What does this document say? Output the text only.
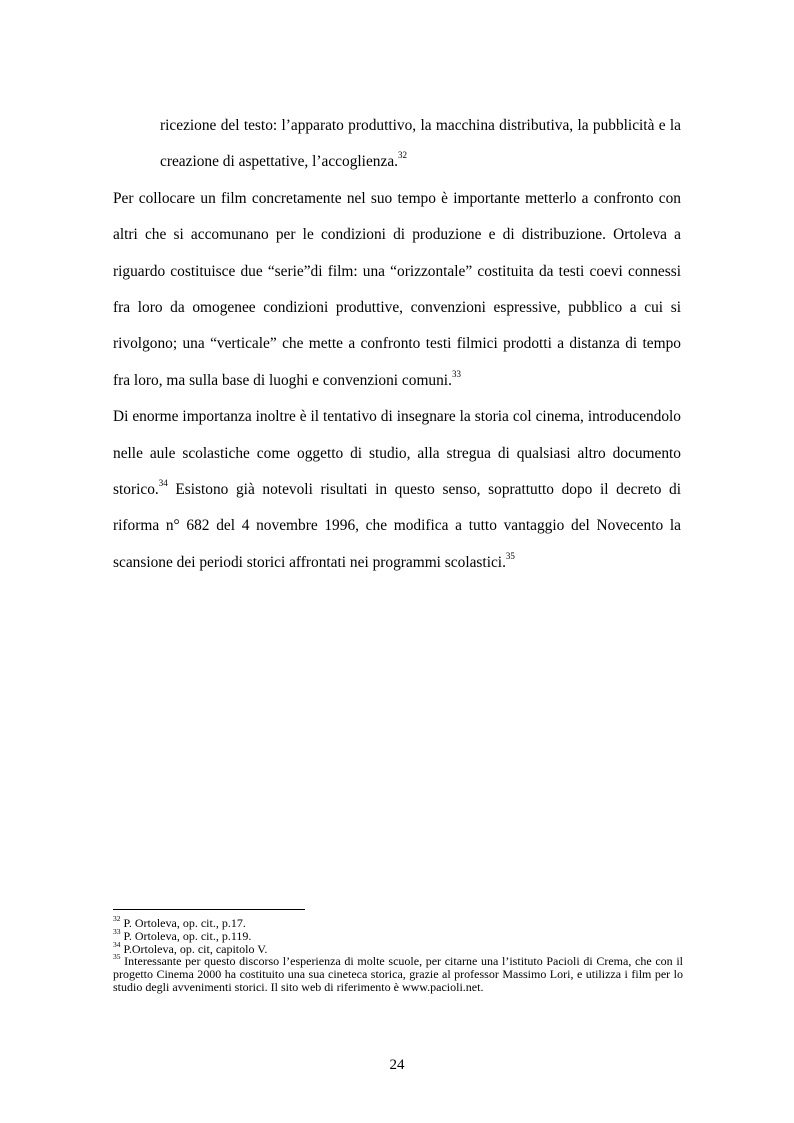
ricezione del testo: l’apparato produttivo, la macchina distributiva, la pubblicità e la creazione di aspettative, l’accoglienza.$^{32}$

Per collocare un film concretamente nel suo tempo è importante metterlo a confronto con altri che si accomunano per le condizioni di produzione e di distribuzione. Ortoleva a riguardo costituisce due “serie”di film: una “orizzontale” costituita da testi coevi connessi fra loro da omogenee condizioni produttive, convenzioni espressive, pubblico a cui si rivolgono; una “verticale” che mette a confronto testi filmici prodotti a distanza di tempo fra loro, ma sulla base di luoghi e convenzioni comuni.$^{33}$

Di enorme importanza inoltre è il tentativo di insegnare la storia col cinema, introducendolo nelle aule scolastiche come oggetto di studio, alla stregua di qualsiasi altro documento storico.$^{34}$ Esistono già notevoli risultati in questo senso, soprattutto dopo il decreto di riforma n° 682 del 4 novembre 1996, che modifica a tutto vantaggio del Novecento la scansione dei periodi storici affrontati nei programmi scolastici.$^{35}$

$^{32}$ P. Ortoleva, op. cit., p.17.

$^{33}$ P. Ortoleva, op. cit., p.119.

$^{34}$ P.Ortoleva, op. cit, capitolo V.

$^{35}$ Interessante per questo discorso l’esperienza di molte scuole, per citarne una l’istituto Pacioli di Crema, che con il progetto Cinema 2000 ha costituito una sua cineteca storica, grazie al professor Massimo Lori, e utilizza i film per lo studio degli avvenimenti storici. Il sito web di riferimento è www.pacioli.net.

24
